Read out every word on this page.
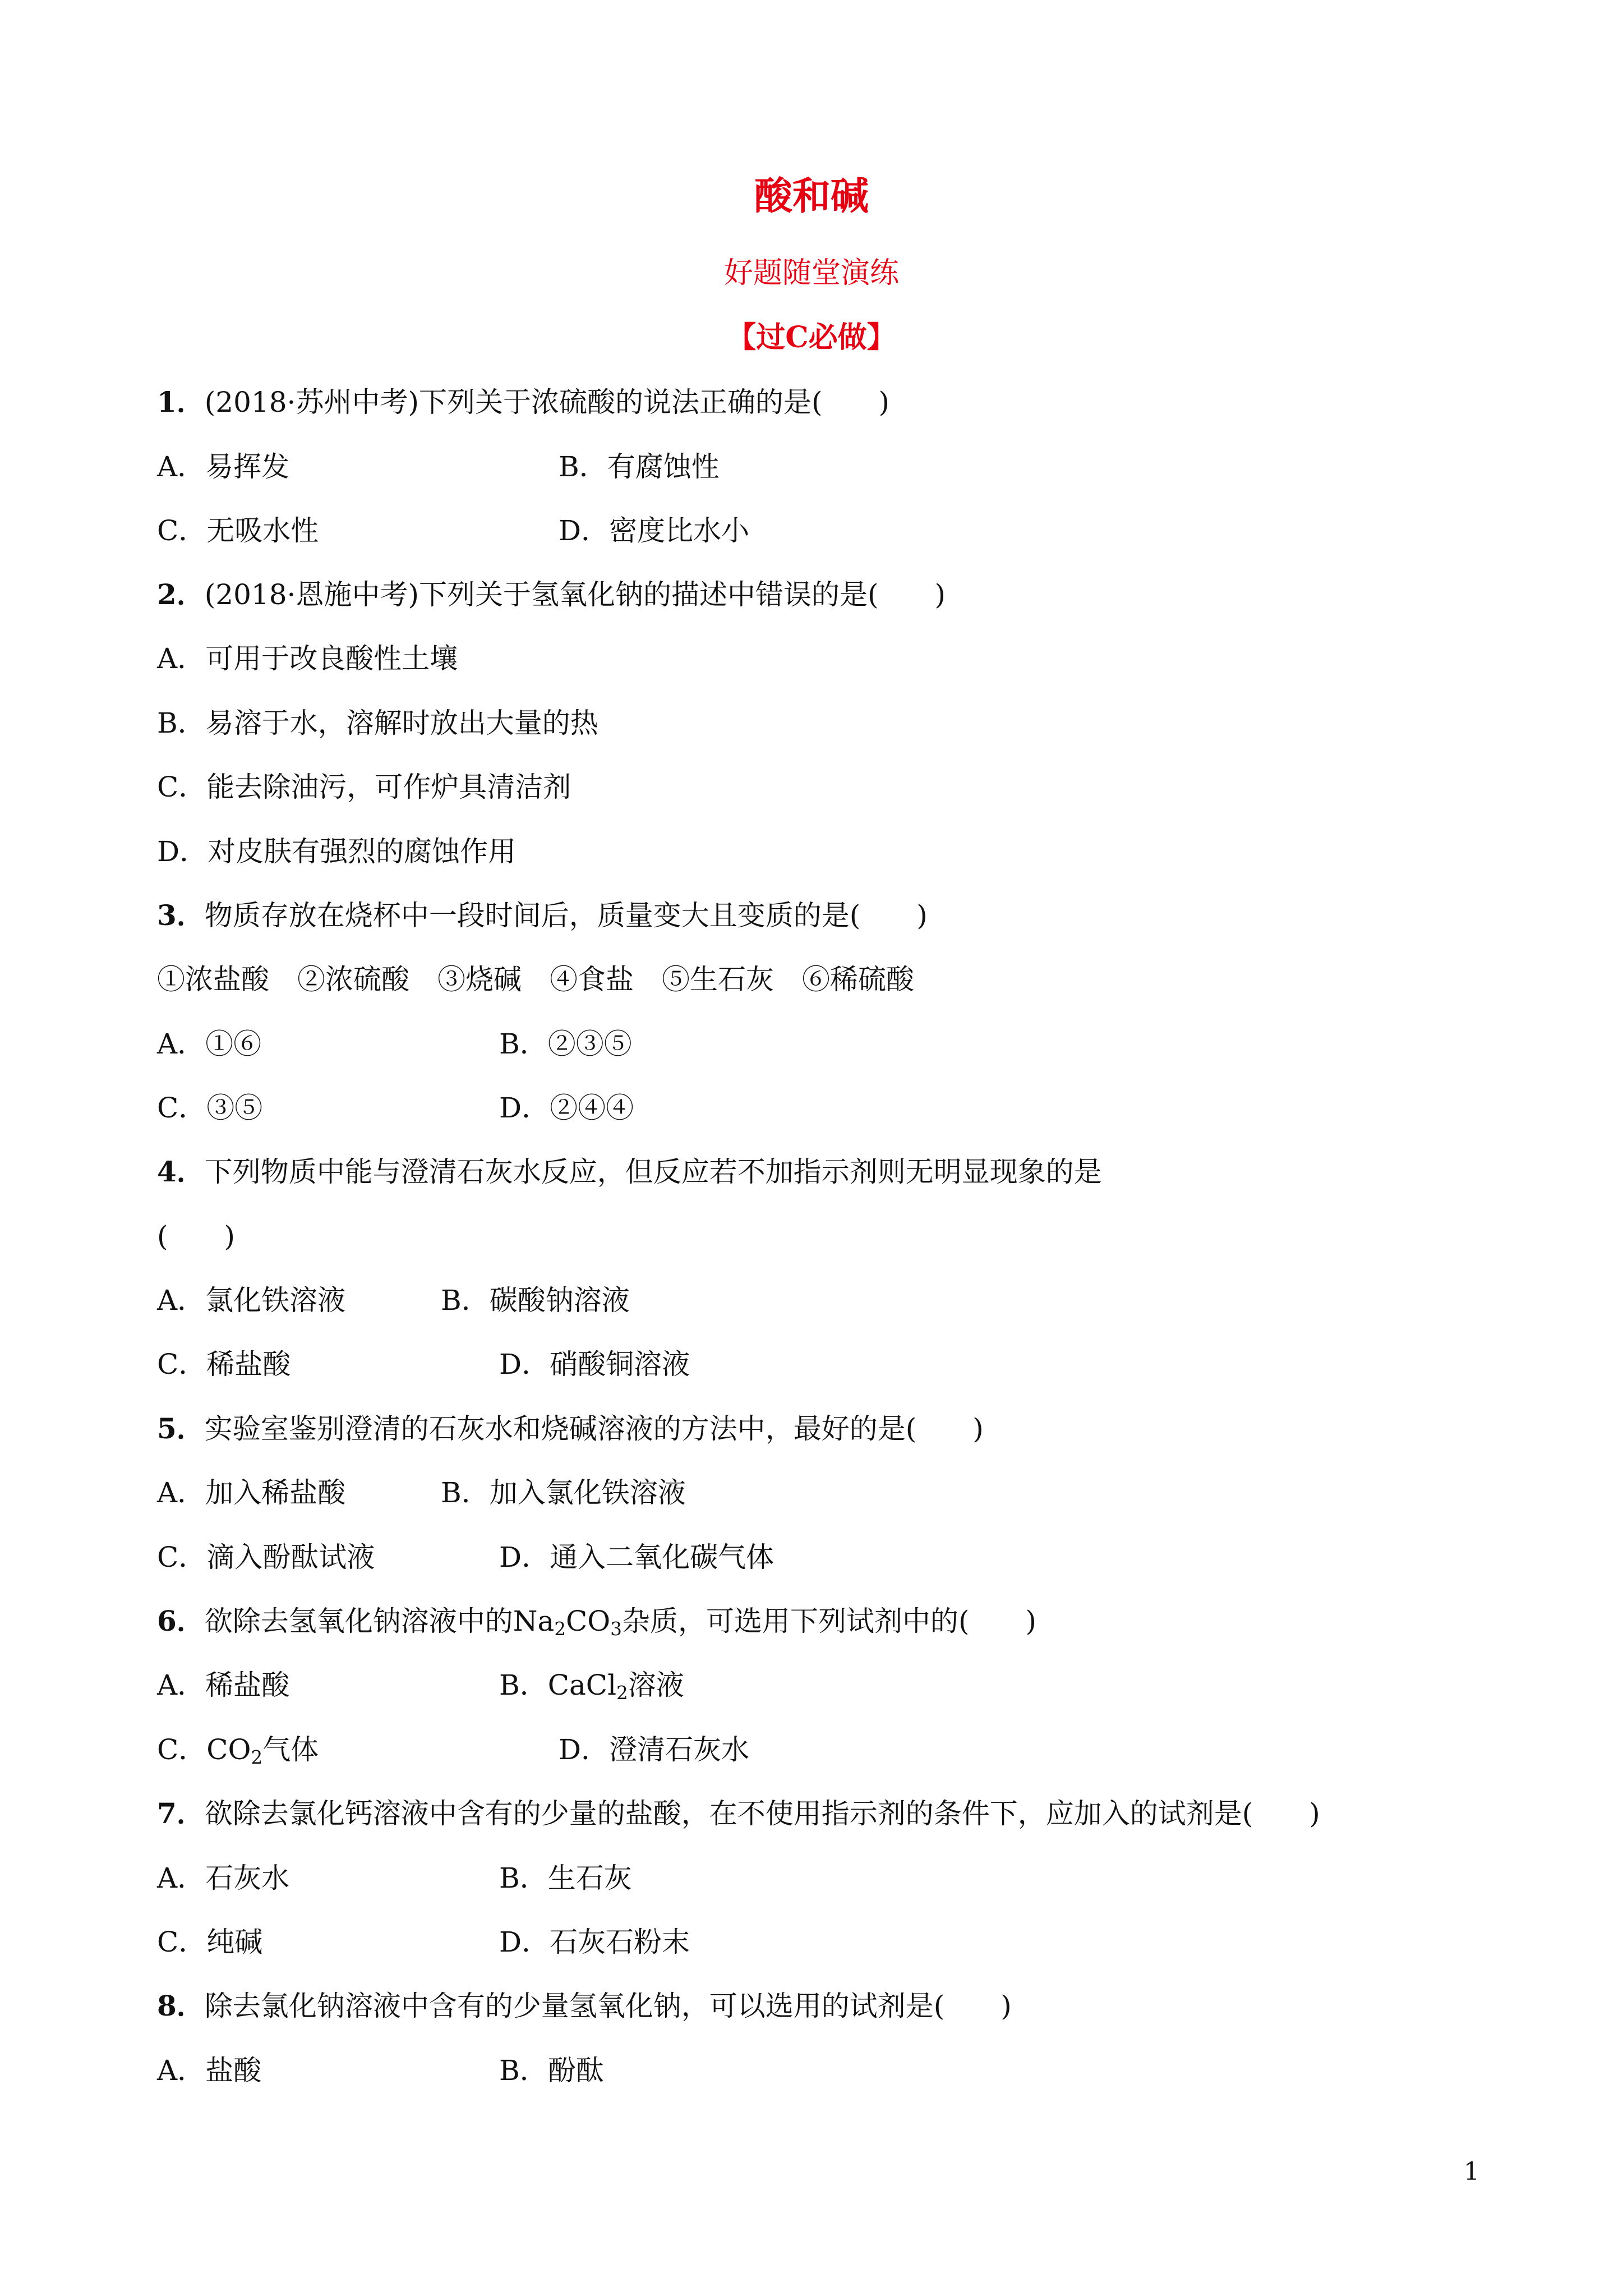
酸和碱
好题随堂演练
【过C必做】
1．(2018·苏州中考)下列关于浓硫酸的说法正确的是(　　)
A．易挥发	B．有腐蚀性
C．无吸水性	D．密度比水小
2．(2018·恩施中考)下列关于氢氧化钠的描述中错误的是(　　)
A．可用于改良酸性土壤
B．易溶于水，溶解时放出大量的热
C．能去除油污，可作炉具清洁剂
D．对皮肤有强烈的腐蚀作用
3．物质存放在烧杯中一段时间后，质量变大且变质的是(　　)
①浓盐酸　②浓硫酸　③烧碱　④食盐　⑤生石灰　⑥稀硫酸
A．①⑥	B．②③⑤
C．③⑤	D．②④④
4．下列物质中能与澄清石灰水反应，但反应若不加指示剂则无明显现象的是
(　　)
A．氯化铁溶液	B．碳酸钠溶液
C．稀盐酸	D．硝酸铜溶液
5．实验室鉴别澄清的石灰水和烧碱溶液的方法中，最好的是(　　)
A．加入稀盐酸	B．加入氯化铁溶液
C．滴入酚酞试液	D．通入二氧化碳气体
6．欲除去氢氧化钠溶液中的$Na_2CO_3$杂质，可选用下列试剂中的(　　)
A．稀盐酸	B．CaCl$_2$溶液
C．$CO_2$气体	D．澄清石灰水
7．欲除去氯化钙溶液中含有的少量的盐酸，在不使用指示剂的条件下，应加入的试剂是(　　)
A．石灰水	B．生石灰
C．纯碱	D．石灰石粉末
8．除去氯化钠溶液中含有的少量氢氧化钠，可以选用的试剂是(　　)
A．盐酸	B．酚酞
1
